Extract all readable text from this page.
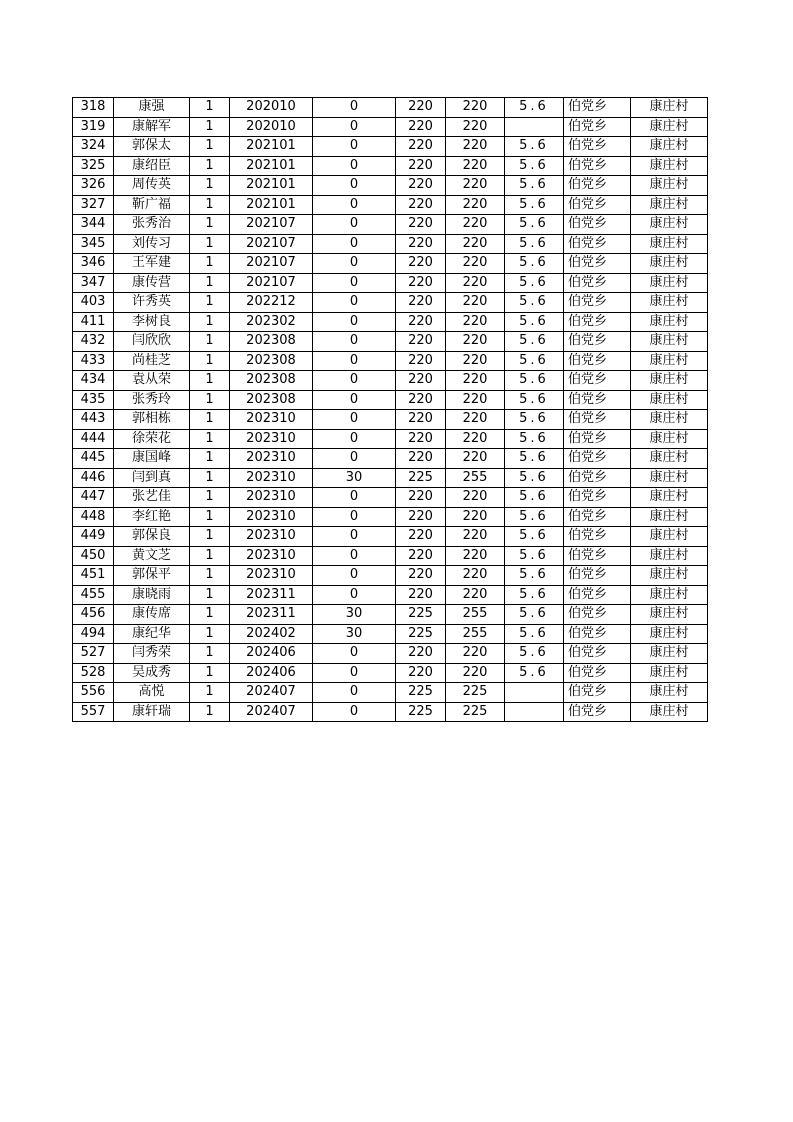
318	康强	1	202010	0	220	220	5.6	伯党乡	康庄村
319	康解军	1	202010	0	220	220		伯党乡	康庄村
324	郭保太	1	202101	0	220	220	5.6	伯党乡	康庄村
325	康绍臣	1	202101	0	220	220	5.6	伯党乡	康庄村
326	周传英	1	202101	0	220	220	5.6	伯党乡	康庄村
327	靳广福	1	202101	0	220	220	5.6	伯党乡	康庄村
344	张秀治	1	202107	0	220	220	5.6	伯党乡	康庄村
345	刘传习	1	202107	0	220	220	5.6	伯党乡	康庄村
346	王军建	1	202107	0	220	220	5.6	伯党乡	康庄村
347	康传营	1	202107	0	220	220	5.6	伯党乡	康庄村
403	许秀英	1	202212	0	220	220	5.6	伯党乡	康庄村
411	李树良	1	202302	0	220	220	5.6	伯党乡	康庄村
432	闫欣欣	1	202308	0	220	220	5.6	伯党乡	康庄村
433	尚桂芝	1	202308	0	220	220	5.6	伯党乡	康庄村
434	袁从荣	1	202308	0	220	220	5.6	伯党乡	康庄村
435	张秀玲	1	202308	0	220	220	5.6	伯党乡	康庄村
443	郭相栋	1	202310	0	220	220	5.6	伯党乡	康庄村
444	徐荣花	1	202310	0	220	220	5.6	伯党乡	康庄村
445	康国峰	1	202310	0	220	220	5.6	伯党乡	康庄村
446	闫到真	1	202310	30	225	255	5.6	伯党乡	康庄村
447	张艺佳	1	202310	0	220	220	5.6	伯党乡	康庄村
448	李红艳	1	202310	0	220	220	5.6	伯党乡	康庄村
449	郭保良	1	202310	0	220	220	5.6	伯党乡	康庄村
450	黄文芝	1	202310	0	220	220	5.6	伯党乡	康庄村
451	郭保平	1	202310	0	220	220	5.6	伯党乡	康庄村
455	康晓雨	1	202311	0	220	220	5.6	伯党乡	康庄村
456	康传席	1	202311	30	225	255	5.6	伯党乡	康庄村
494	康纪华	1	202402	30	225	255	5.6	伯党乡	康庄村
527	闫秀荣	1	202406	0	220	220	5.6	伯党乡	康庄村
528	吴成秀	1	202406	0	220	220	5.6	伯党乡	康庄村
556	高悦	1	202407	0	225	225		伯党乡	康庄村
557	康轩瑞	1	202407	0	225	225		伯党乡	康庄村
